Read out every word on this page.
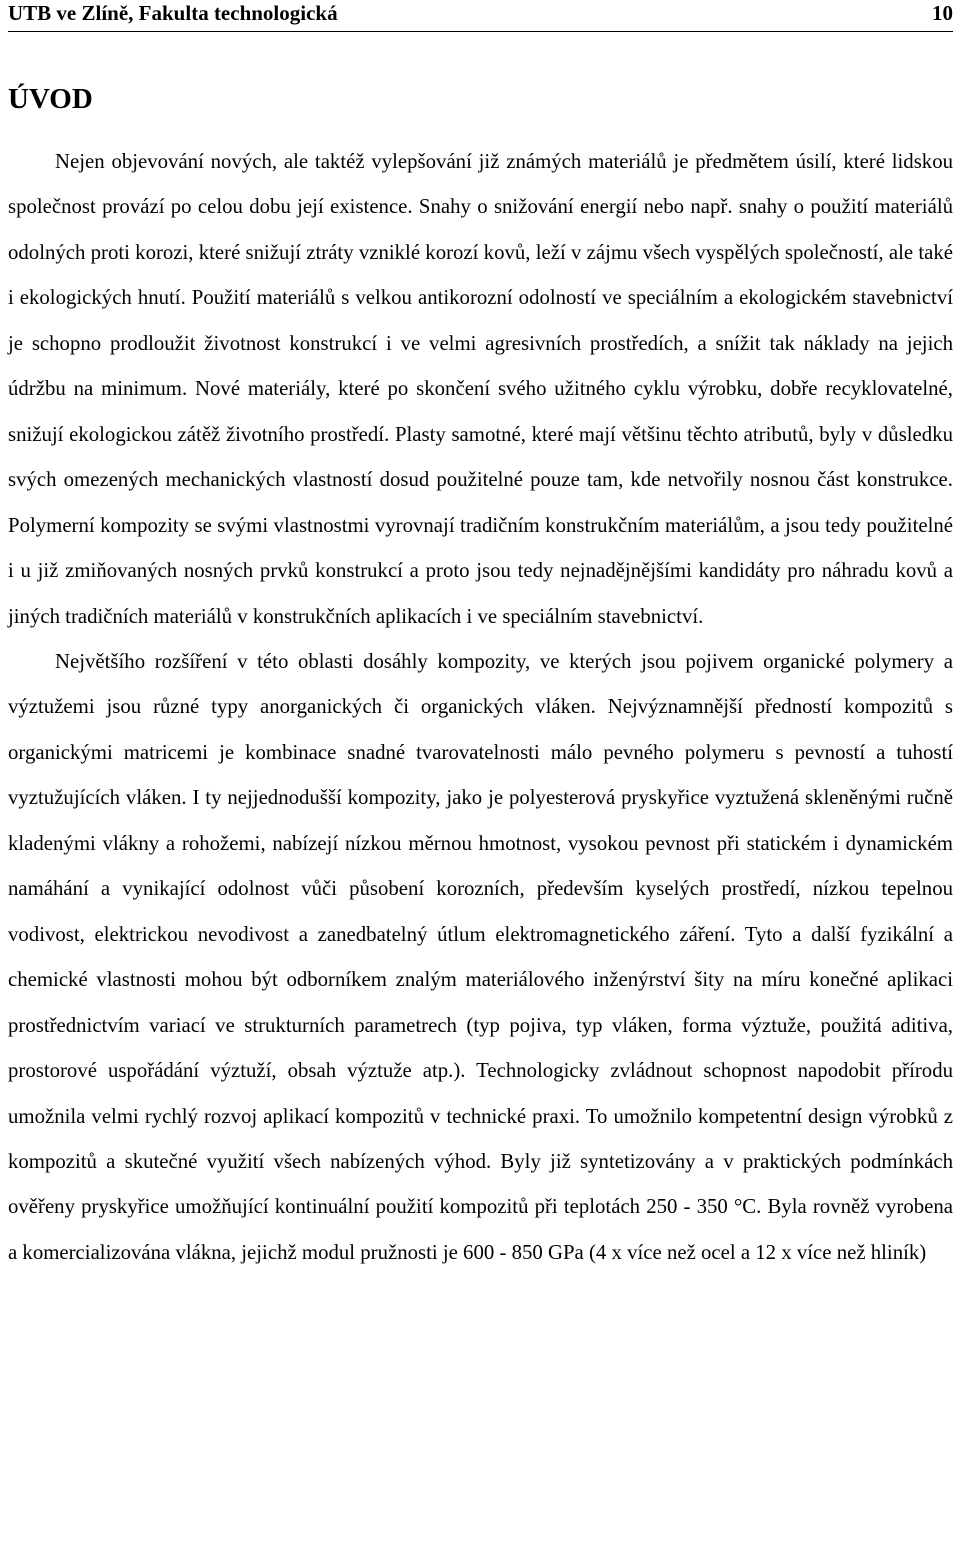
UTB ve Zlíně, Fakulta technologická	10
ÚVOD

Nejen objevování nových, ale taktéž vylepšování již známých materiálů je předmětem úsilí, které lidskou společnost provází po celou dobu její existence. Snahy o snižování energií nebo např. snahy o použití materiálů odolných proti korozi, které snižují ztráty vzniklé korozí kovů, leží v zájmu všech vyspělých společností, ale také i ekologických hnutí. Použití materiálů s velkou antikorozní odolností ve speciálním a ekologickém stavebnictví je schopno prodloužit životnost konstrukcí i ve velmi agresivních prostředích, a snížit tak náklady na jejich údržbu na minimum. Nové materiály, které po skončení svého užitného cyklu výrobku, dobře recyklovatelné, snižují ekologickou zátěž životního prostředí. Plasty samotné, které mají většinu těchto atributů, byly v důsledku svých omezených mechanických vlastností dosud použitelné pouze tam, kde netvořily nosnou část konstrukce. Polymerní kompozity se svými vlastnostmi vyrovnají tradičním konstrukčním materiálům, a jsou tedy použitelné i u již zmiňovaných nosných prvků konstrukcí a proto jsou tedy nejnadějnějšími kandidáty pro náhradu kovů a jiných tradičních materiálů v konstrukčních aplikacích i ve speciálním stavebnictví.

Největšího rozšíření v této oblasti dosáhly kompozity, ve kterých jsou pojivem organické polymery a výztužemi jsou různé typy anorganických či organických vláken. Nejvýznamnější předností kompozitů s organickými matricemi je kombinace snadné tvarovatelnosti málo pevného polymeru s pevností a tuhostí vyztužujících vláken. I ty nejjednodušší kompozity, jako je polyesterová pryskyřice vyztužená skleněnými ručně kladenými vlákny a rohožemi, nabízejí nízkou měrnou hmotnost, vysokou pevnost při statickém i dynamickém namáhání a vynikající odolnost vůči působení korozních, především kyselých prostředí, nízkou tepelnou vodivost, elektrickou nevodivost a zanedbatelný útlum elektromagnetického záření. Tyto a další fyzikální a chemické vlastnosti mohou být odborníkem znalým materiálového inženýrství šity na míru konečné aplikaci prostřednictvím variací ve strukturních parametrech (typ pojiva, typ vláken, forma výztuže, použitá aditiva, prostorové uspořádání výztuží, obsah výztuže atp.). Technologicky zvládnout schopnost napodobit přírodu umožnila velmi rychlý rozvoj aplikací kompozitů v technické praxi. To umožnilo kompetentní design výrobků z kompozitů a skutečné využití všech nabízených výhod. Byly již syntetizovány a v praktických podmínkách ověřeny pryskyřice umožňující kontinuální použití kompozitů při teplotách 250 - 350 °C. Byla rovněž vyrobena a komercializována vlákna, jejichž modul pružnosti je 600 - 850 GPa (4 x více než ocel a 12 x více než hliník)
